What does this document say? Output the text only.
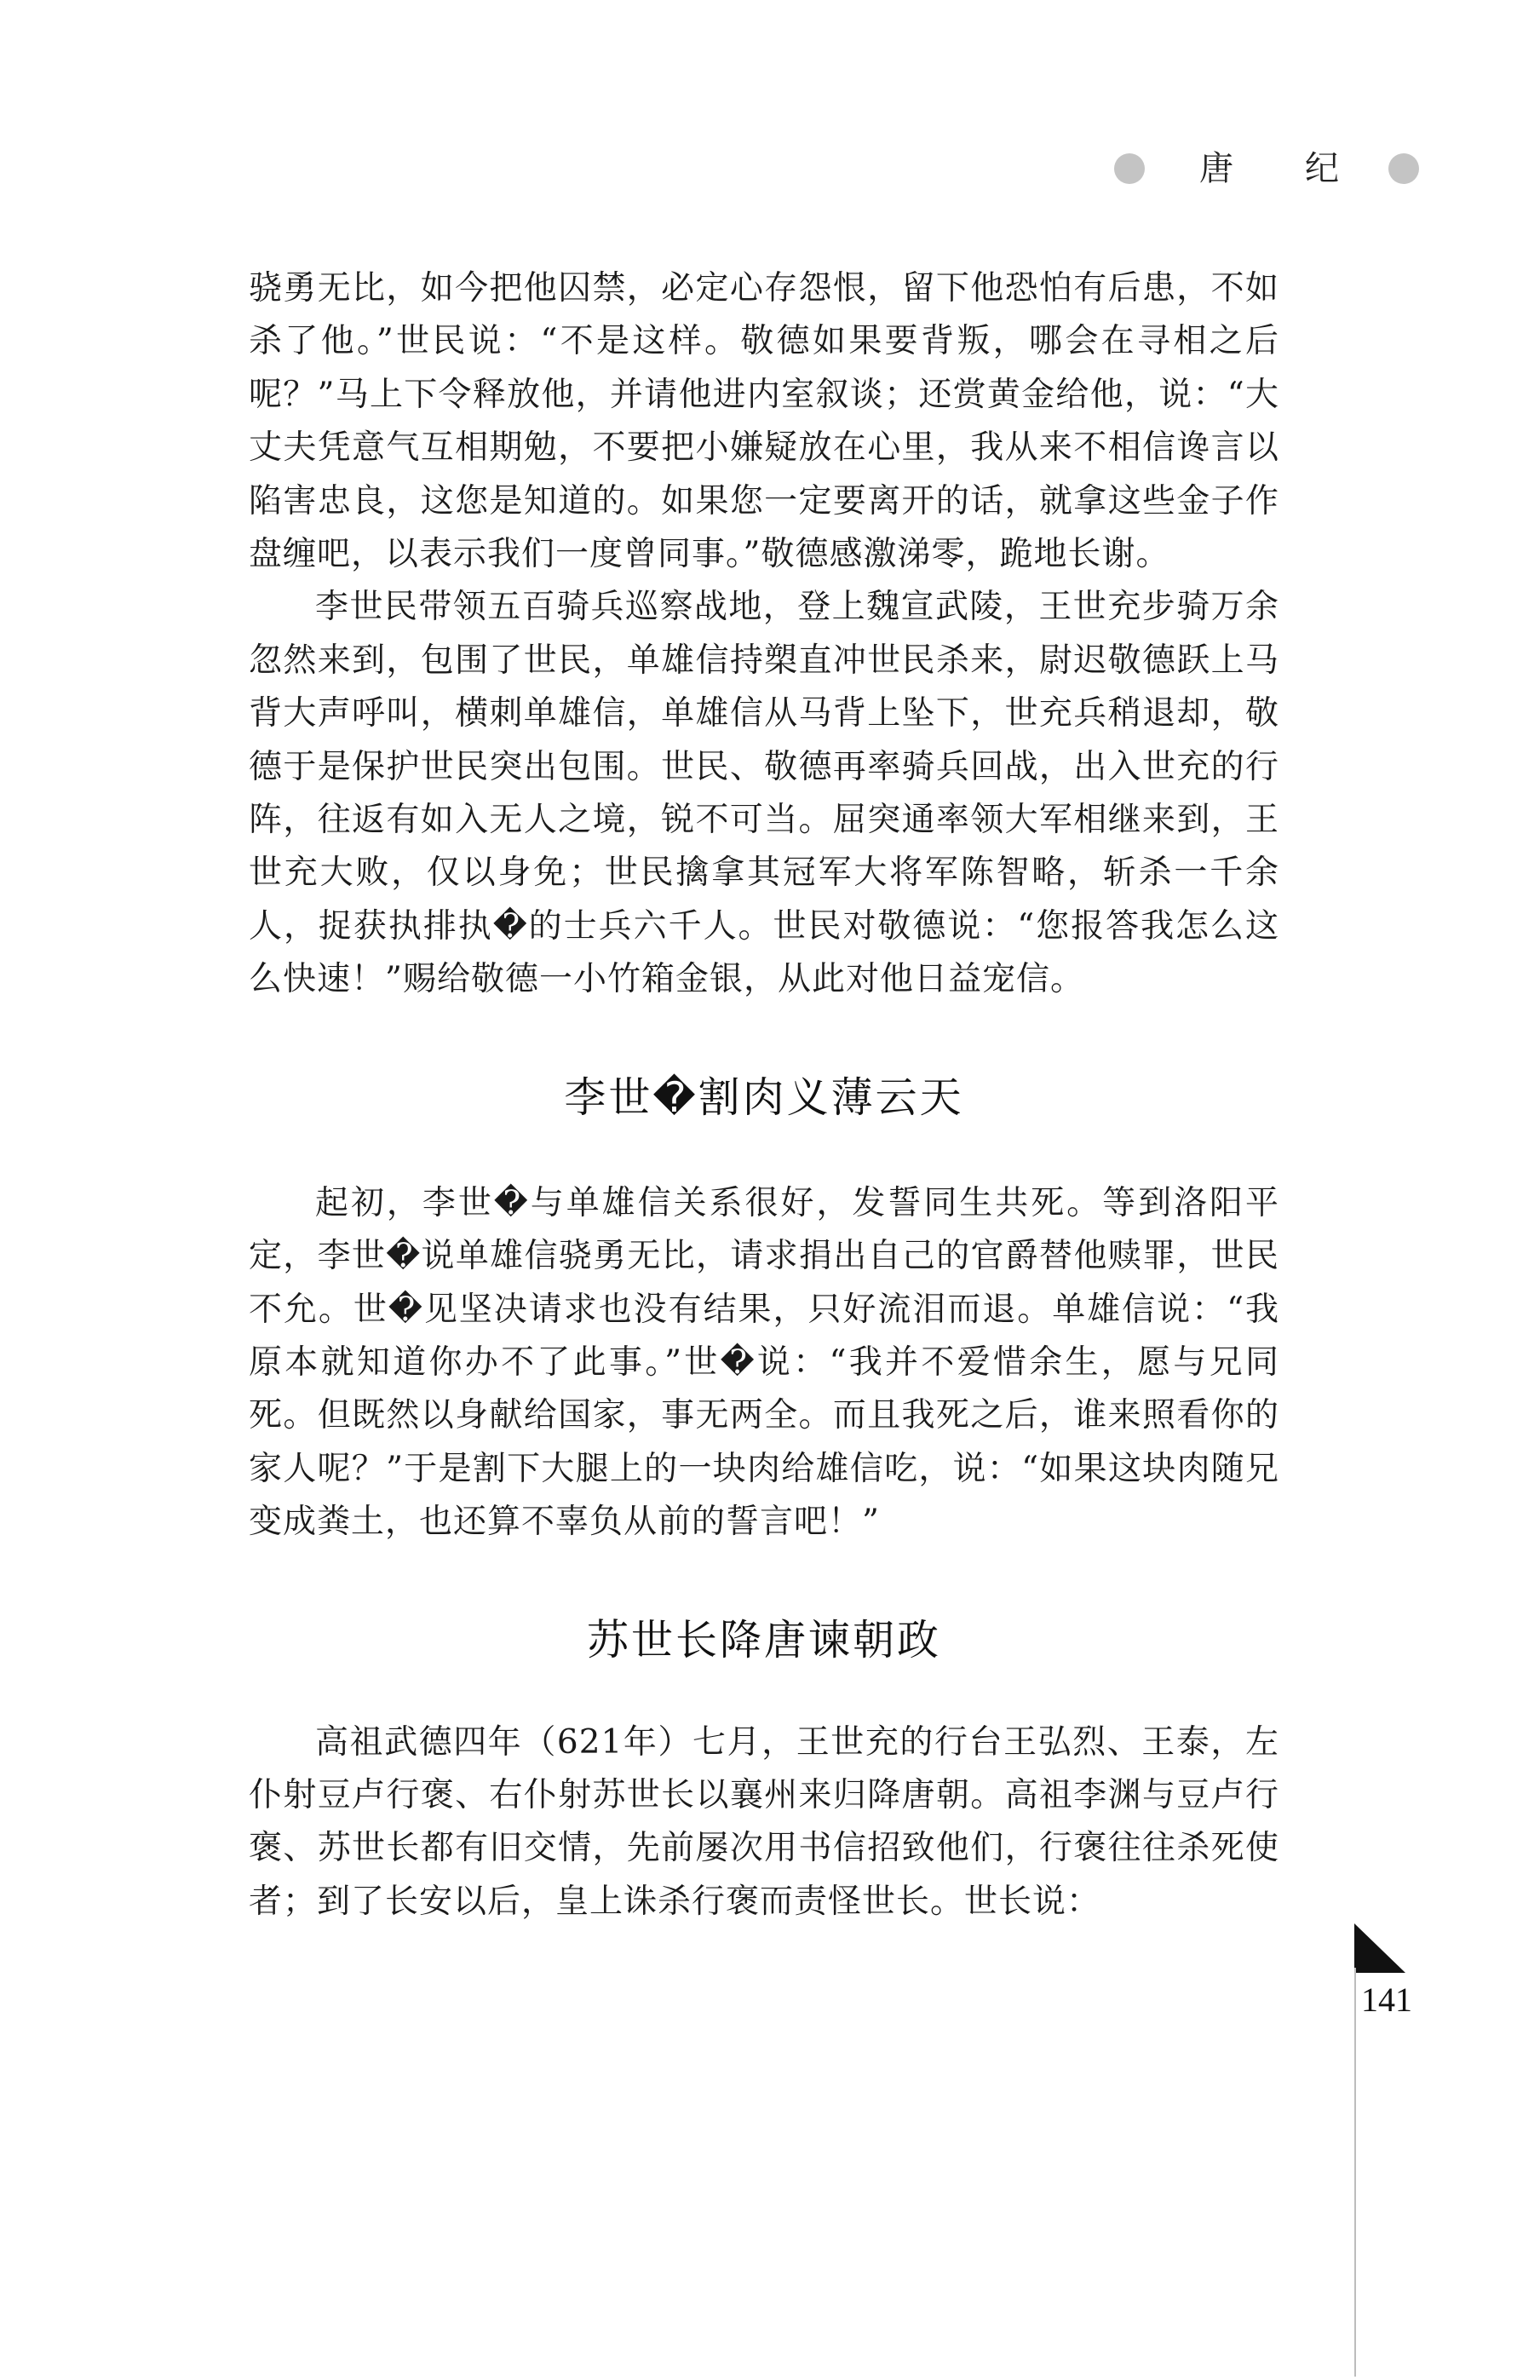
唐 纪

骁勇无比，如今把他囚禁，必定心存怨恨，留下他恐怕有后患，不如杀了他。”世民说：“不是这样。敬德如果要背叛，哪会在寻相之后呢？”马上下令释放他，并请他进内室叙谈；还赏黄金给他，说：“大丈夫凭意气互相期勉，不要把小嫌疑放在心里，我从来不相信谗言以陷害忠良，这您是知道的。如果您一定要离开的话，就拿这些金子作盘缠吧，以表示我们一度曾同事。”敬德感激涕零，跪地长谢。

李世民带领五百骑兵巡察战地，登上魏宣武陵，王世充步骑万余忽然来到，包围了世民，单雄信持槊直冲世民杀来，尉迟敬德跃上马背大声呼叫，横刺单雄信，单雄信从马背上坠下，世充兵稍退却，敬德于是保护世民突出包围。世民、敬德再率骑兵回战，出入世充的行阵，往返有如入无人之境，锐不可当。屈突通率领大军相继来到，王世充大败，仅以身免；世民擒拿其冠军大将军陈智略，斩杀一千余人，捉获执排执�的士兵六千人。世民对敬德说：“您报答我怎么这么快速！”赐给敬德一小竹箱金银，从此对他日益宠信。

李世�割肉义薄云天

起初，李世�与单雄信关系很好，发誓同生共死。等到洛阳平定，李世�说单雄信骁勇无比，请求捐出自己的官爵替他赎罪，世民不允。世�见坚决请求也没有结果，只好流泪而退。单雄信说：“我原本就知道你办不了此事。”世�说：“我并不爱惜余生，愿与兄同死。但既然以身献给国家，事无两全。而且我死之后，谁来照看你的家人呢？”于是割下大腿上的一块肉给雄信吃，说：“如果这块肉随兄变成粪土，也还算不辜负从前的誓言吧！”

苏世长降唐谏朝政

高祖武德四年（621年）七月，王世充的行台王弘烈、王泰，左仆射豆卢行褒、右仆射苏世长以襄州来归降唐朝。高祖李渊与豆卢行褒、苏世长都有旧交情，先前屡次用书信招致他们，行褒往往杀死使者；到了长安以后，皇上诛杀行褒而责怪世长。世长说：

141
